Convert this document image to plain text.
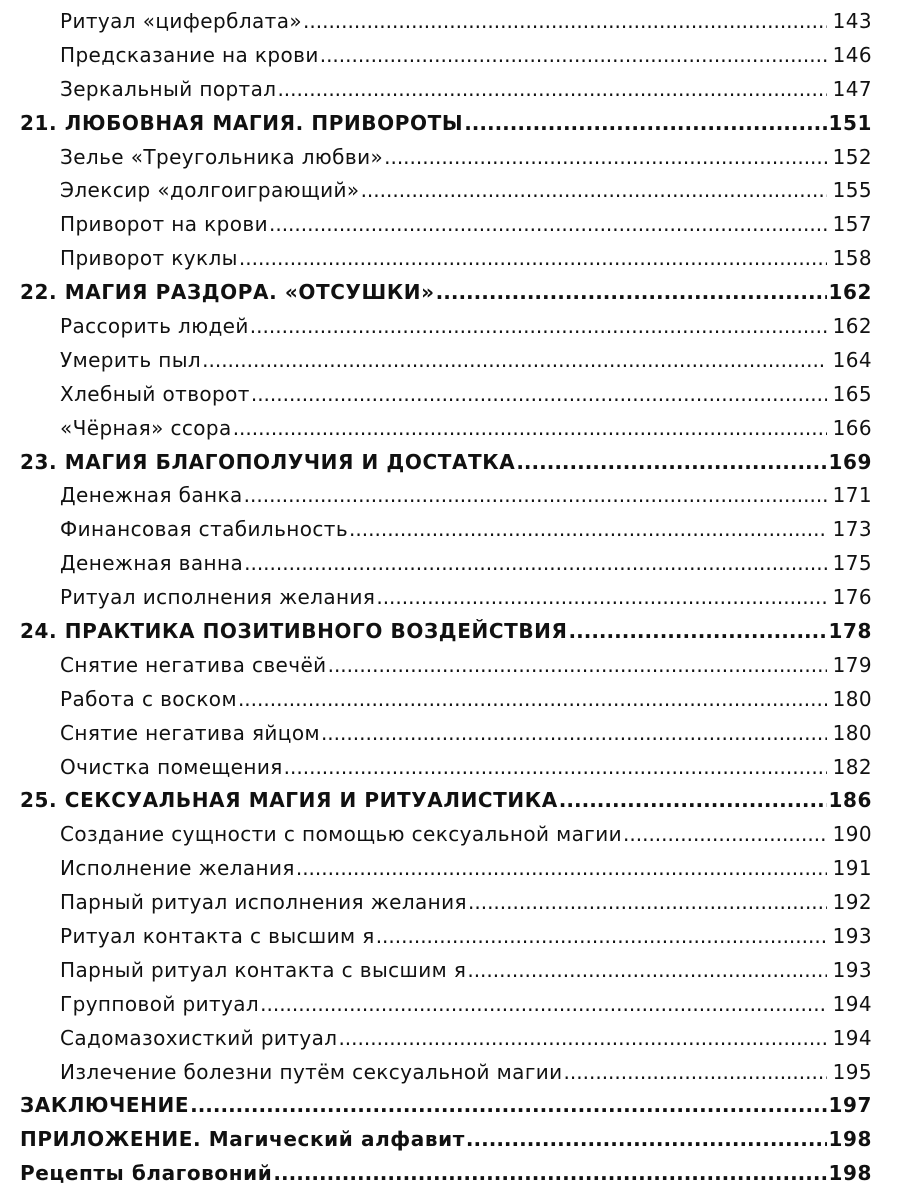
Ритуал «циферблата» .....	143
Предсказание на крови .....	146
Зеркальный портал .....	147
21. ЛЮБОВНАЯ МАГИЯ. ПРИВОРОТЫ .....	151
Зелье «Треугольника любви» .....	152
Элексир «долгоиграющий» .....	155
Приворот на крови .....	157
Приворот куклы .....	158
22. МАГИЯ РАЗДОРА. «ОТСУШКИ» .....	162
Рассорить людей .....	162
Умерить пыл .....	164
Хлебный отворот .....	165
«Чёрная» ссора .....	166
23. МАГИЯ БЛАГОПОЛУЧИЯ И ДОСТАТКА .....	169
Денежная банка .....	171
Финансовая стабильность .....	173
Денежная ванна .....	175
Ритуал исполнения желания .....	176
24. ПРАКТИКА ПОЗИТИВНОГО ВОЗДЕЙСТВИЯ .....	178
Снятие негатива свечёй .....	179
Работа с воском .....	180
Снятие негатива яйцом .....	180
Очистка помещения .....	182
25. СЕКСУАЛЬНАЯ МАГИЯ И РИТУАЛИСТИКА .....	186
Создание сущности с помощью сексуальной магии .....	190
Исполнение желания .....	191
Парный ритуал исполнения желания .....	192
Ритуал контакта с высшим я .....	193
Парный ритуал контакта с высшим я .....	193
Групповой ритуал .....	194
Садомазохисткий ритуал .....	194
Излечение болезни путём сексуальной магии .....	195
ЗАКЛЮЧЕНИЕ .....	197
ПРИЛОЖЕНИЕ. Магический алфавит .....	198
Рецепты благовоний .....	198
